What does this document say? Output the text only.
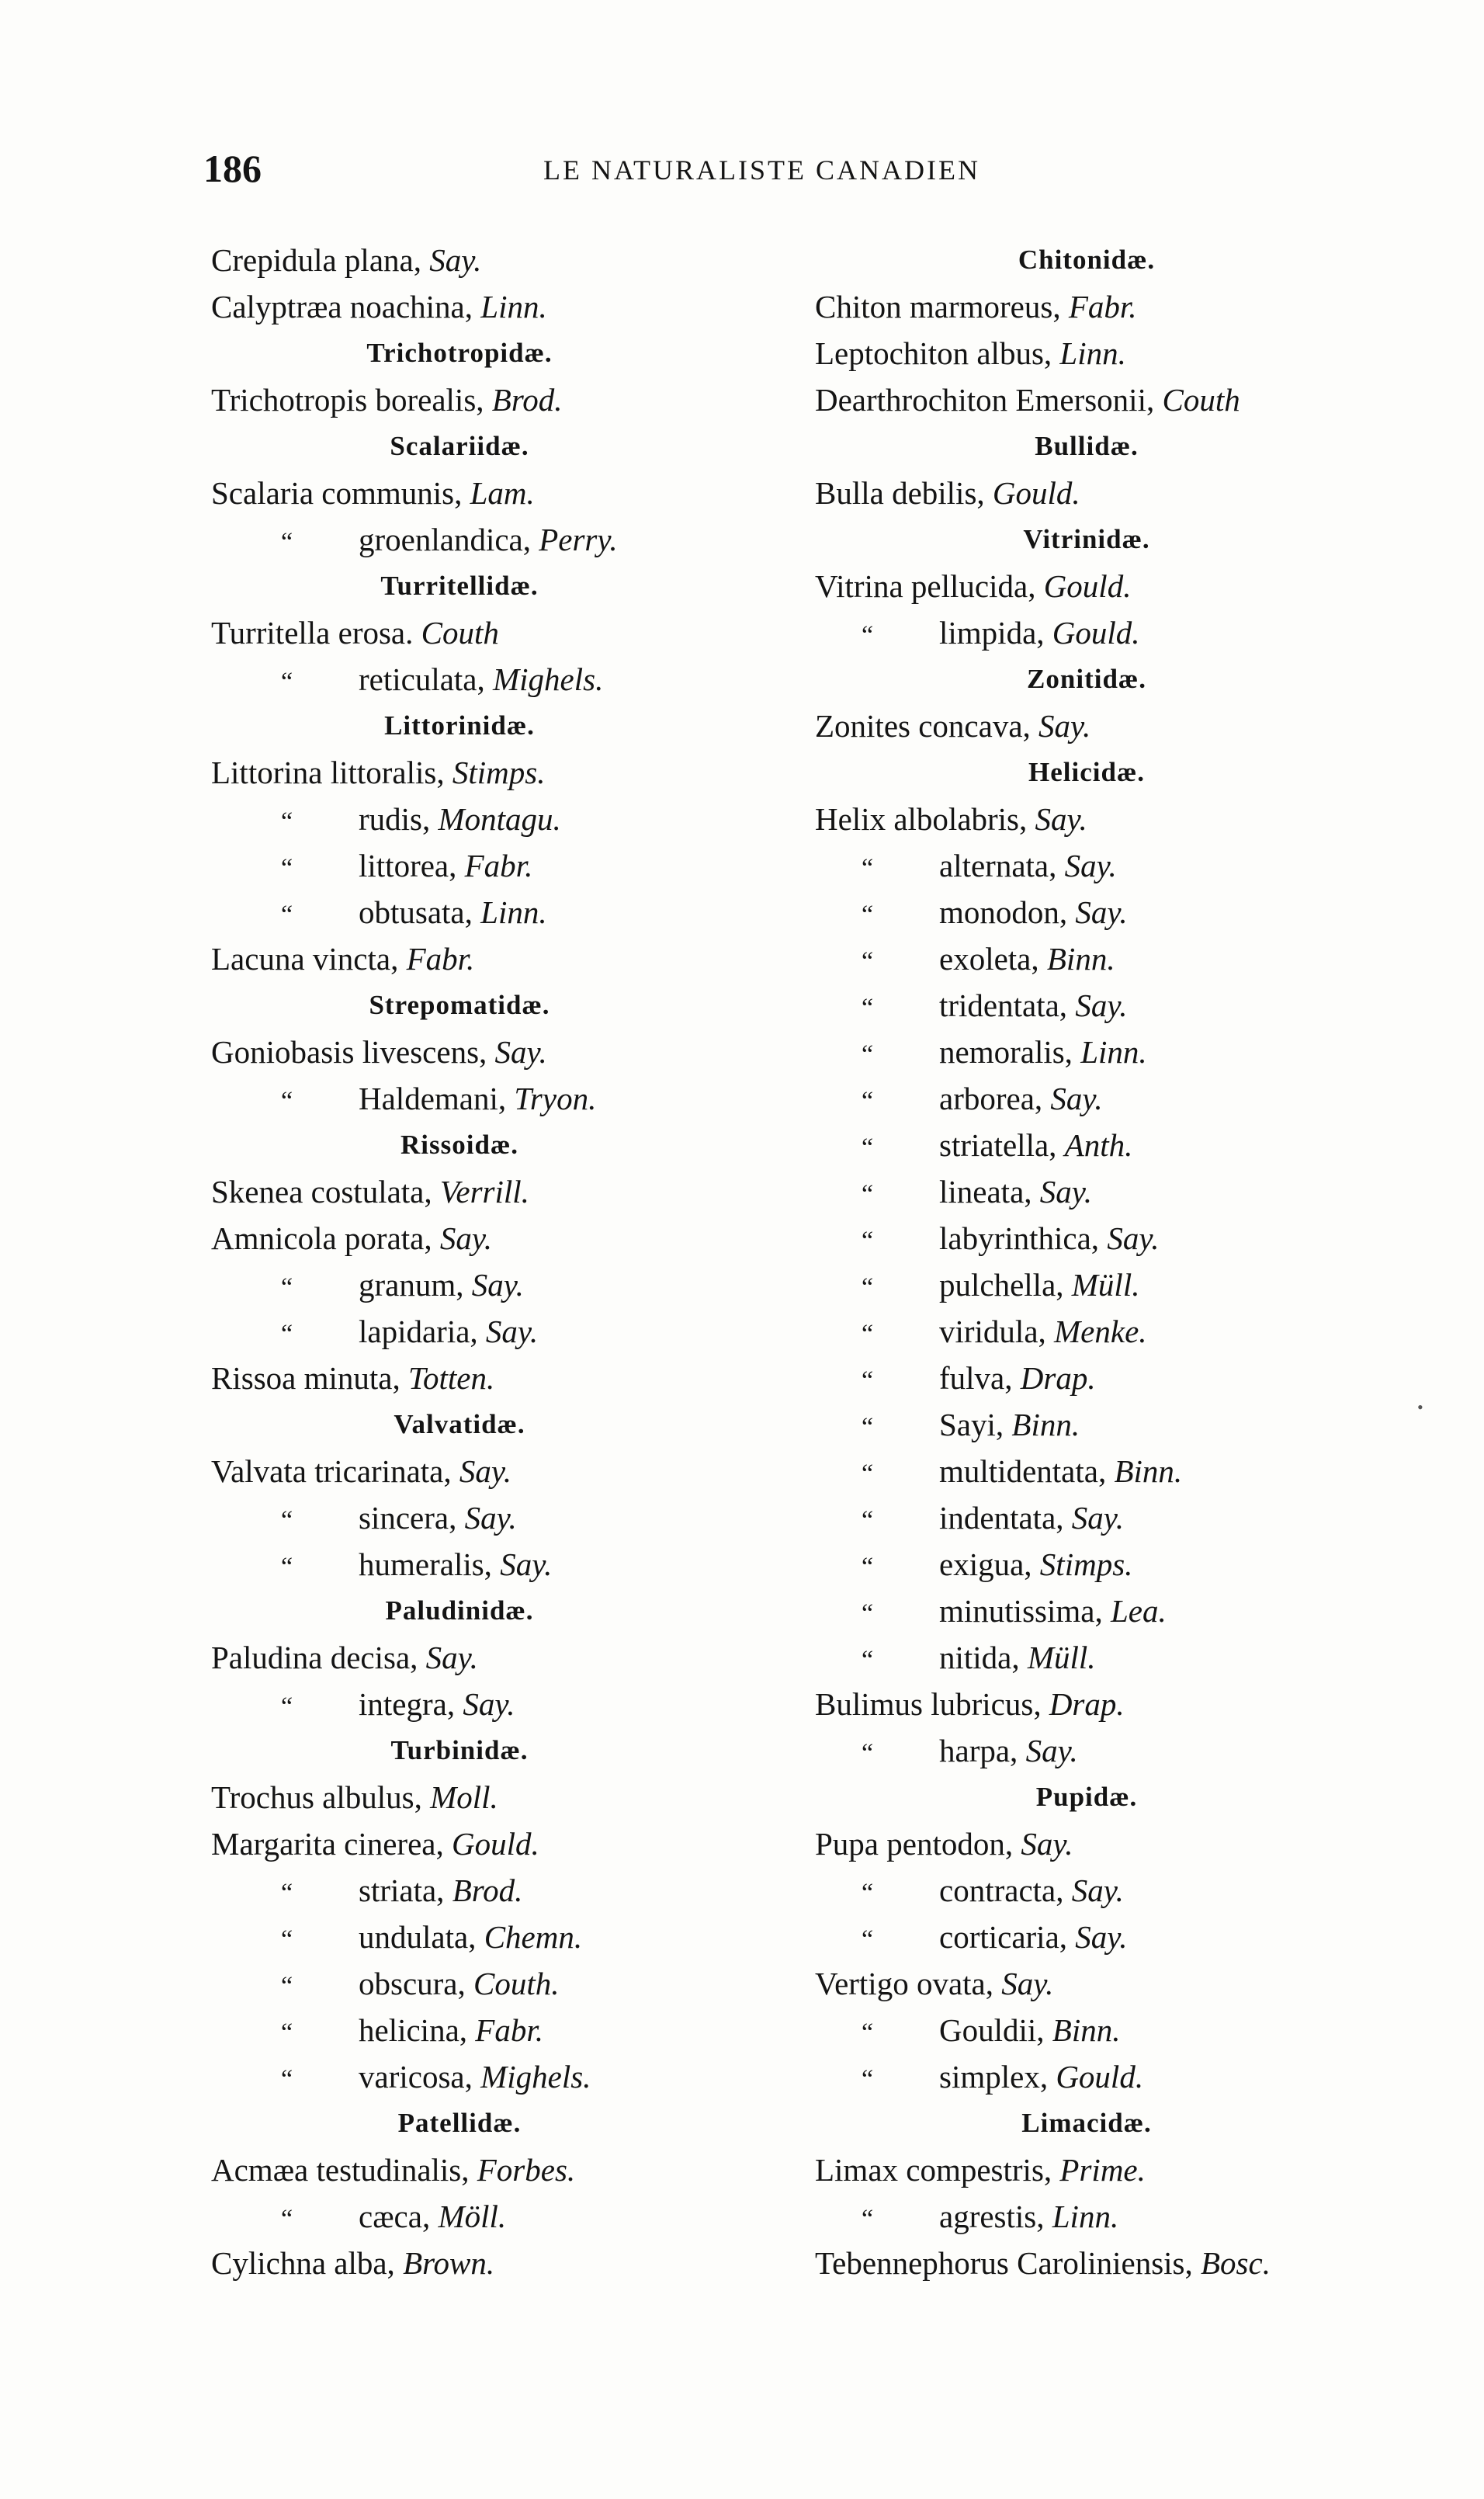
186	LE NATURALISTE CANADIEN
Crepidula plana, Say.
Calyptræa noachina, Linn.
Trichotropidæ.
Trichotropis borealis, Brod.
Scalariidæ.
Scalaria communis, Lam.
“ groenlandica, Perry.
Turritellidæ.
Turritella erosa. Couth
“ reticulata, Mighels.
Littorinidæ.
Littorina littoralis, Stimps.
“ rudis, Montagu.
“ littorea, Fabr.
“ obtusata, Linn.
Lacuna vincta, Fabr.
Strepomatidæ.
Goniobasis livescens, Say.
“ Haldemani, Tryon.
Rissoidæ.
Skenea costulata, Verrill.
Amnicola porata, Say.
“ granum, Say.
“ lapidaria, Say.
Rissoa minuta, Totten.
Valvatidæ.
Valvata tricarinata, Say.
“ sincera, Say.
“ humeralis, Say.
Paludinidæ.
Paludina decisa, Say.
“ integra, Say.
Turbinidæ.
Trochus albulus, Moll.
Margarita cinerea, Gould.
“ striata, Brod.
“ undulata, Chemn.
“ obscura, Couth.
“ helicina, Fabr.
“ varicosa, Mighels.
Patellidæ.
Acmæa testudinalis, Forbes.
“ cæca, Möll.
Cylichna alba, Brown.
Chitonidæ.
Chiton marmoreus, Fabr.
Leptochiton albus, Linn.
Dearthrochiton Emersonii, Couth
Bullidæ.
Bulla debilis, Gould.
Vitrinidæ.
Vitrina pellucida, Gould.
“ limpida, Gould.
Zonitidæ.
Zonites concava, Say.
Helicidæ.
Helix albolabris, Say.
“ alternata, Say.
“ monodon, Say.
“ exoleta, Binn.
“ tridentata, Say.
“ nemoralis, Linn.
“ arborea, Say.
“ striatella, Anth.
“ lineata, Say.
“ labyrinthica, Say.
“ pulchella, Müll.
“ viridula, Menke.
“ fulva, Drap.
“ Sayi, Binn.
“ multidentata, Binn.
“ indentata, Say.
“ exigua, Stimps.
“ minutissima, Lea.
“ nitida, Müll.
Bulimus lubricus, Drap.
“ harpa, Say.
Pupidæ.
Pupa pentodon, Say.
“ contracta, Say.
“ corticaria, Say.
Vertigo ovata, Say.
“ Gouldii, Binn.
“ simplex, Gould.
Limacidæ.
Limax compestris, Prime.
“ agrestis, Linn.
Tebennephorus Caroliniensis, Bosc.
•
